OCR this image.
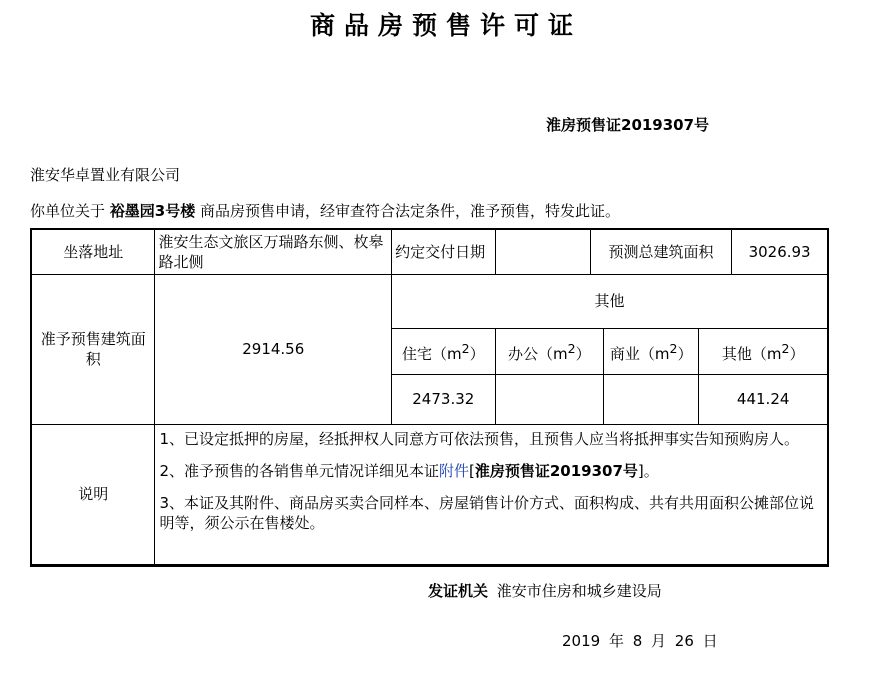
商品房预售许可证
淮房预售证2019307号
淮安华卓置业有限公司
你单位关于 裕墨园3号楼 商品房预售申请，经审查符合法定条件，准予预售，特发此证。
坐落地址	淮安生态文旅区万瑞路东侧、枚皋路北侧	约定交付日期		预测总建筑面积			3026.93
准予预售建筑面积	2914.56	其他					
		住宅$(m^2)$	办公$(m^2)$		商业$(m^2)$	其他$(m^2)$	
		2473.32				441.24	
说明	1、已设定抵押的房屋，经抵押权人同意方可依法预售，且预售人应当将抵押事实告知预购房人。

2、准予预售的各销售单元情况详细见本证附件[淮房预售证2019307号]。

3、本证及其附件、商品房买卖合同样本、房屋销售计价方式、面积构成、共有共用面积公摊部位说明等，须公示在售楼处。						

发证机关 淮安市住房和城乡建设局
2019 年 8 月 26 日
